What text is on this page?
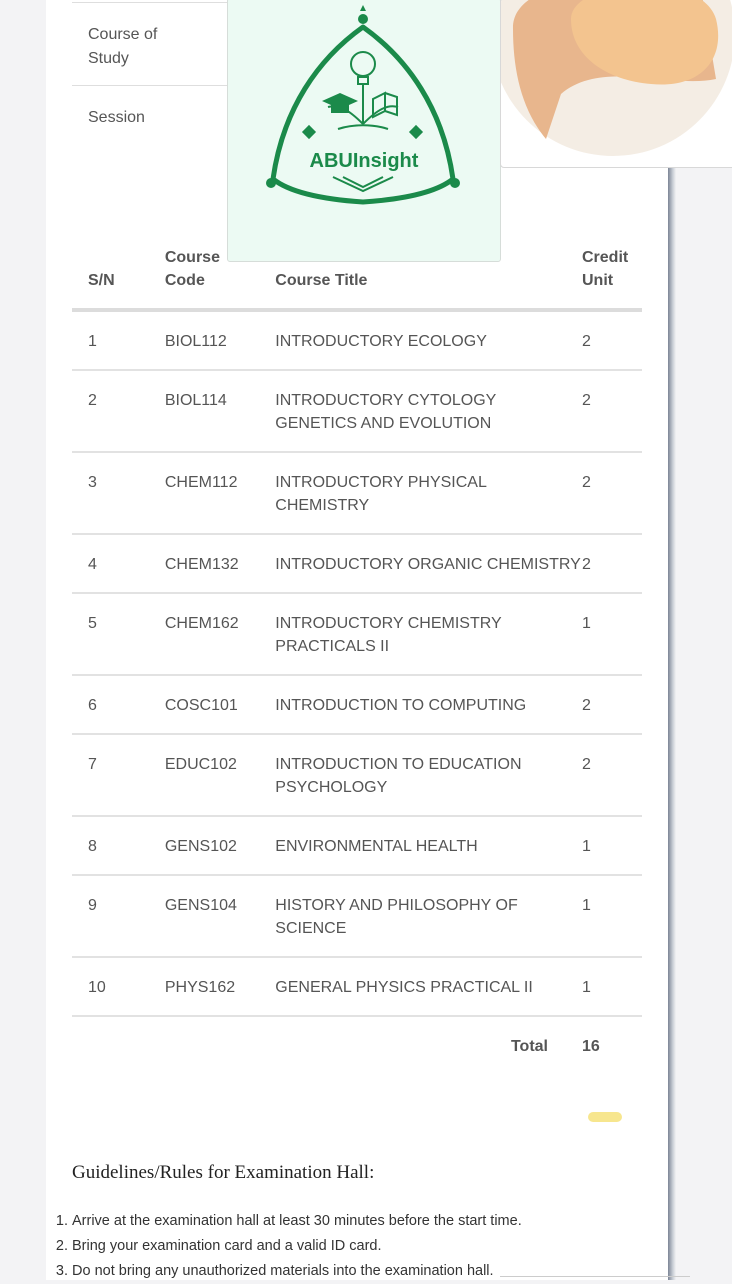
Course of Study
Session
ABUInsight
S/N	Course Code	Course Title	Credit Unit

1	BIOL112	INTRODUCTORY ECOLOGY	2
2	BIOL114	INTRODUCTORY CYTOLOGY GENETICS AND EVOLUTION	2
3	CHEM112	INTRODUCTORY PHYSICAL CHEMISTRY	2
4	CHEM132	INTRODUCTORY ORGANIC CHEMISTRY	2
5	CHEM162	INTRODUCTORY CHEMISTRY PRACTICALS II	1
6	COSC101	INTRODUCTION TO COMPUTING	2
7	EDUC102	INTRODUCTION TO EDUCATION PSYCHOLOGY	2
8	GENS102	ENVIRONMENTAL HEALTH	1
9	GENS104	HISTORY AND PHILOSOPHY OF SCIENCE	1
10	PHYS162	GENERAL PHYSICS PRACTICAL II	1
		Total	16
Guidelines/Rules for Examination Hall:
1. Arrive at the examination hall at least 30 minutes before the start time.
2. Bring your examination card and a valid ID card.
3. Do not bring any unauthorized materials into the examination hall.
